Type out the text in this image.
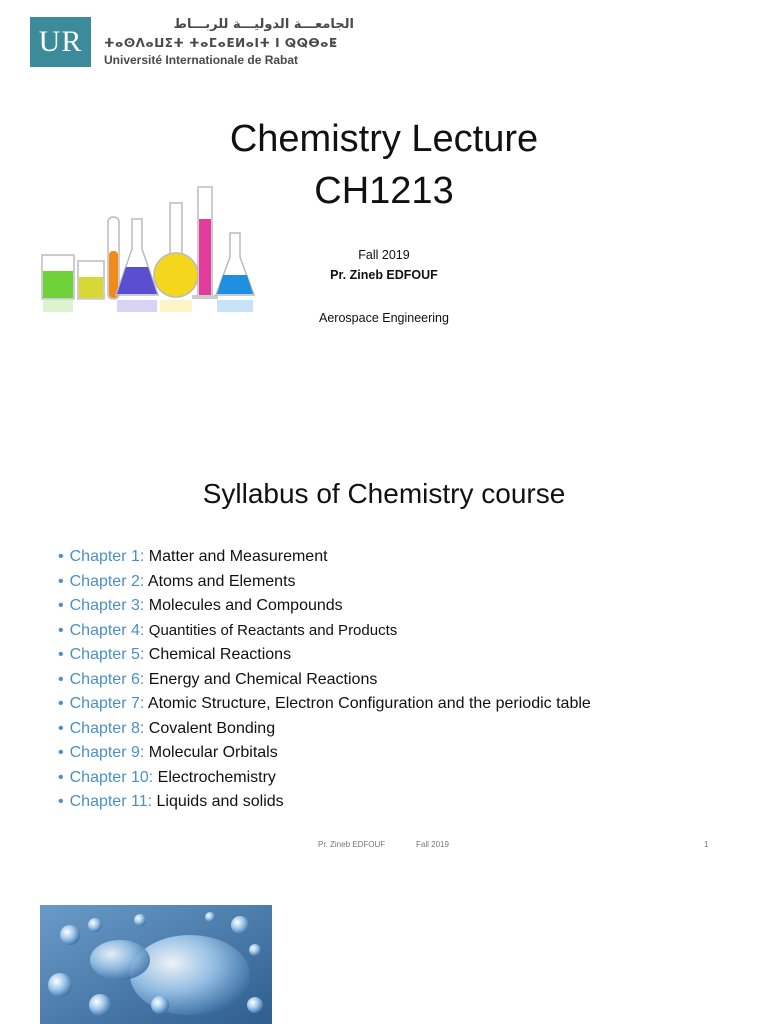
UR
الجامعـــة الدوليـــة للربـــاط
ⵜⴰⵙⴷⴰⵡⵉⵜ ⵜⴰⵎⴰⴹⵍⴰⵏⵜ ⵏ ⵕⵕⴱⴰⵟ
Université Internationale de Rabat
Chemistry Lecture
CH1213
Fall 2019
Pr. Zineb EDFOUF
Aerospace Engineering
Syllabus of Chemistry course
• Chapter 1: Matter and Measurement
• Chapter 2: Atoms and Elements
• Chapter 3: Molecules and Compounds
• Chapter 4: Quantities of Reactants and Products
• Chapter 5: Chemical Reactions
• Chapter 6: Energy and Chemical Reactions
• Chapter 7: Atomic Structure, Electron Configuration and the periodic table
• Chapter 8: Covalent Bonding
• Chapter 9: Molecular Orbitals
• Chapter 10: Electrochemistry
• Chapter 11: Liquids and solids
Pr. Zineb EDFOUF	Fall 2019	1
